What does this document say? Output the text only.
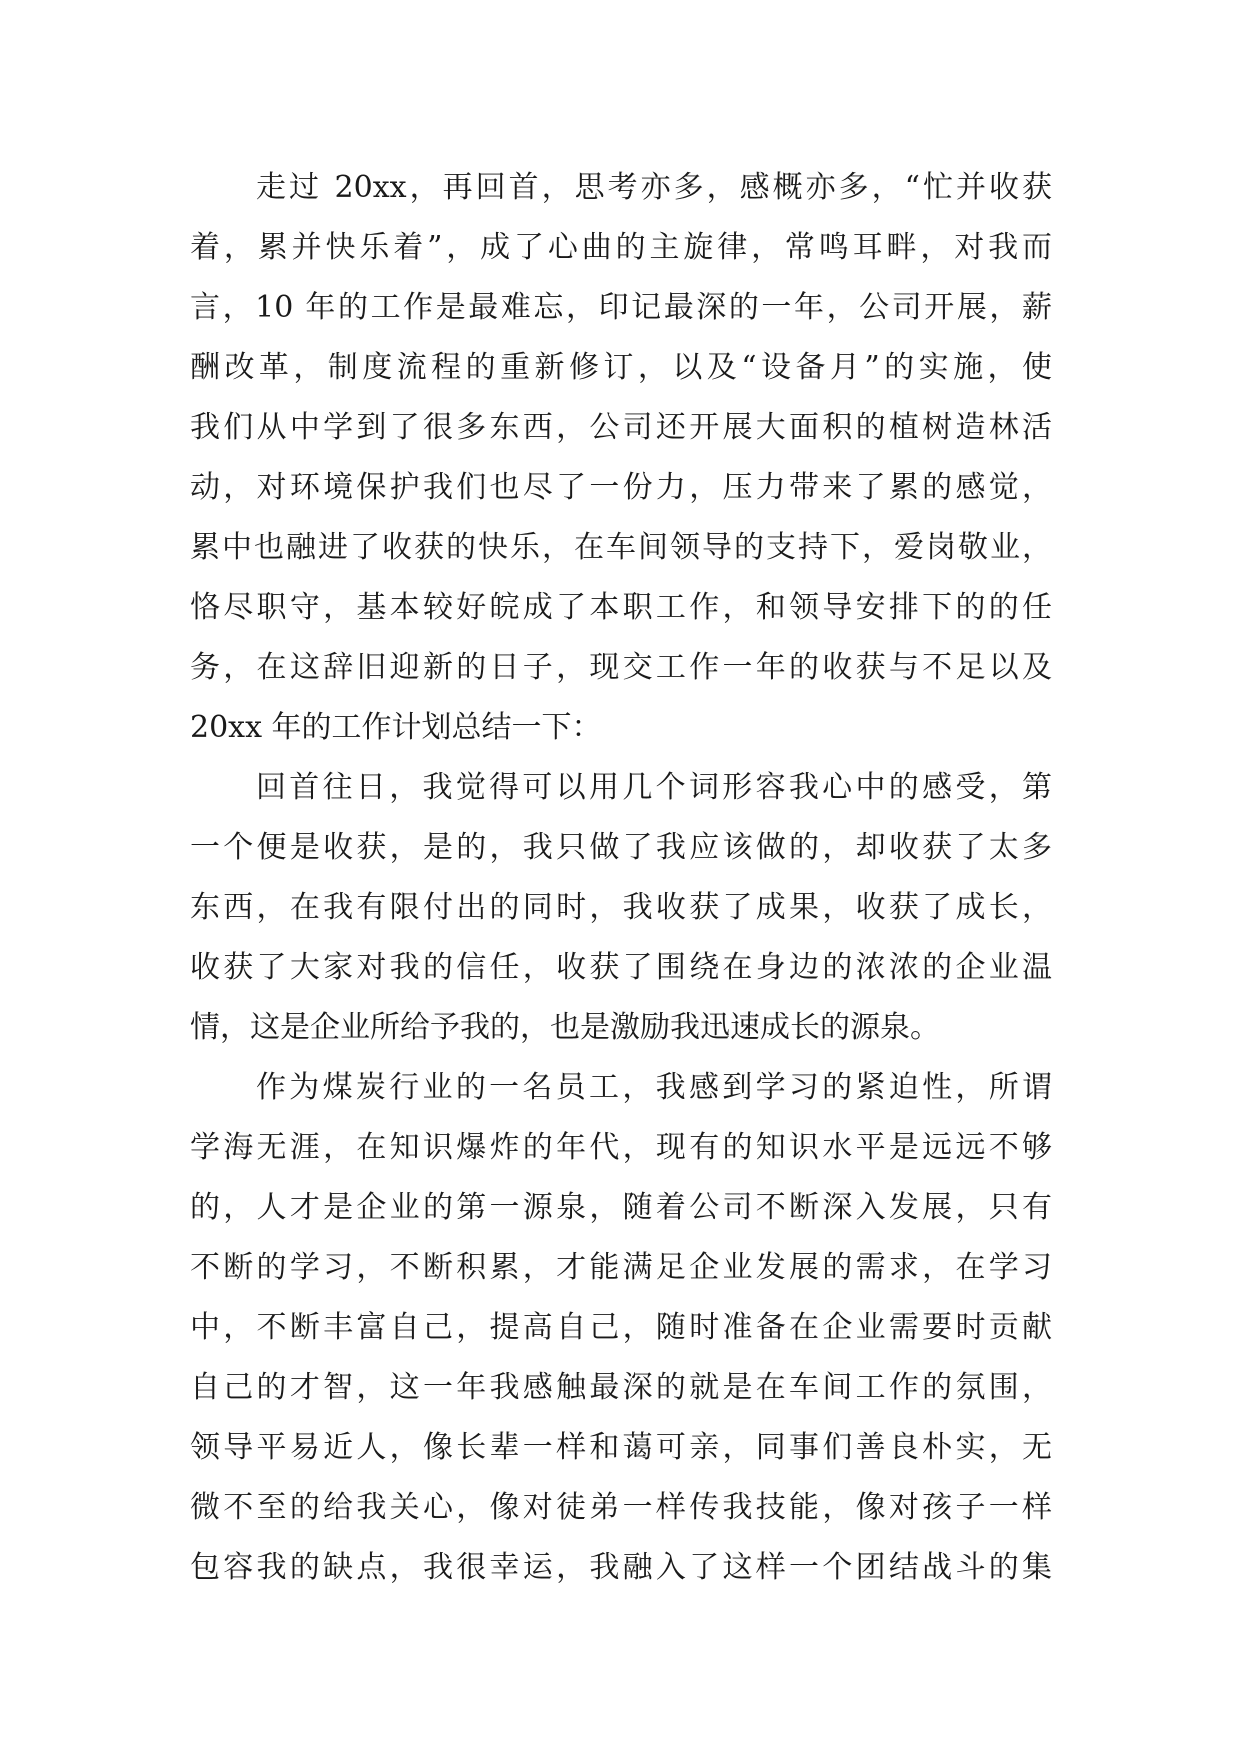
走过 20xx，再回首，思考亦多，感概亦多，“忙并收获
着，累并快乐着”，成了心曲的主旋律，常鸣耳畔，对我而
言，10 年的工作是最难忘，印记最深的一年，公司开展，薪
酬改革，制度流程的重新修订，以及“设备月”的实施，使
我们从中学到了很多东西，公司还开展大面积的植树造林活
动，对环境保护我们也尽了一份力，压力带来了累的感觉，
累中也融进了收获的快乐，在车间领导的支持下，爱岗敬业，
恪尽职守，基本较好皖成了本职工作，和领导安排下的的任
务，在这辞旧迎新的日子，现交工作一年的收获与不足以及
20xx 年的工作计划总结一下：
回首往日，我觉得可以用几个词形容我心中的感受，第
一个便是收获，是的，我只做了我应该做的，却收获了太多
东西，在我有限付出的同时，我收获了成果，收获了成长，
收获了大家对我的信任，收获了围绕在身边的浓浓的企业温
情，这是企业所给予我的，也是激励我迅速成长的源泉。
作为煤炭行业的一名员工，我感到学习的紧迫性，所谓
学海无涯，在知识爆炸的年代，现有的知识水平是远远不够
的，人才是企业的第一源泉，随着公司不断深入发展，只有
不断的学习，不断积累，才能满足企业发展的需求，在学习
中，不断丰富自己，提高自己，随时准备在企业需要时贡献
自己的才智，这一年我感触最深的就是在车间工作的氛围，
领导平易近人，像长辈一样和蔼可亲，同事们善良朴实，无
微不至的给我关心，像对徒弟一样传我技能，像对孩子一样
包容我的缺点，我很幸运，我融入了这样一个团结战斗的集
